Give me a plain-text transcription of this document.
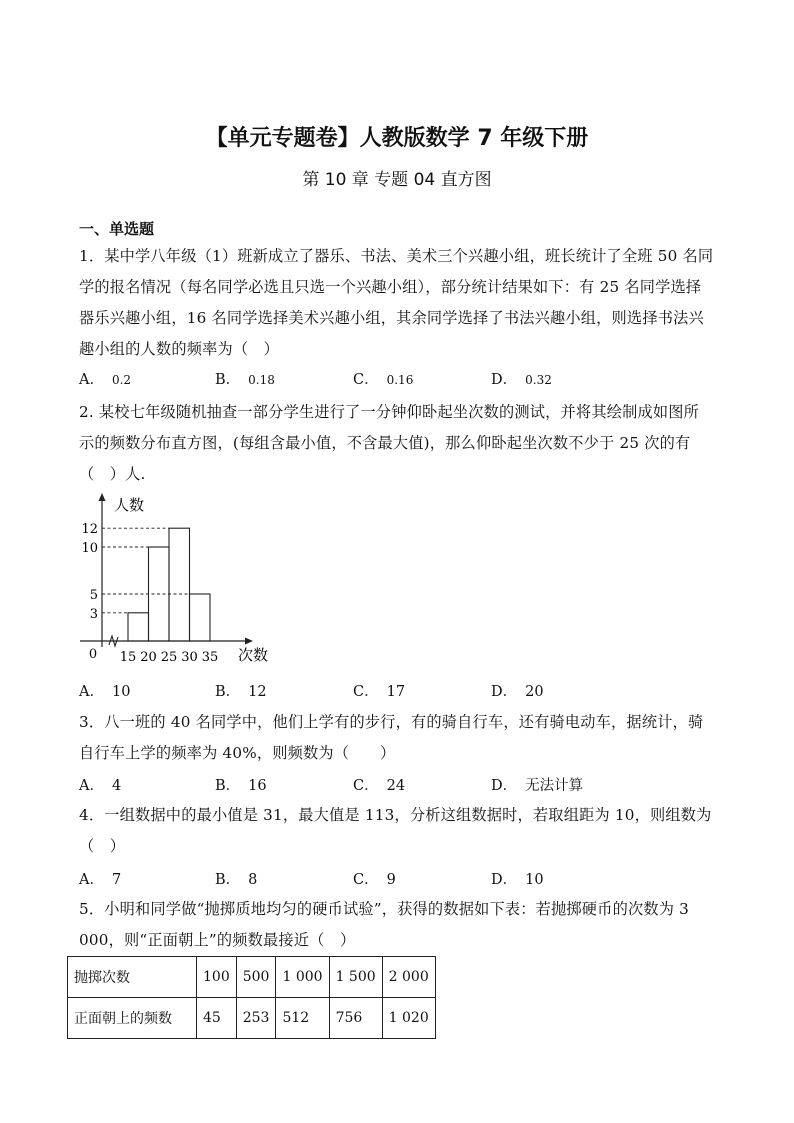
【单元专题卷】人教版数学 7 年级下册
第 10 章 专题 04 直方图
一、单选题
1．某中学八年级（1）班新成立了器乐、书法、美术三个兴趣小组，班长统计了全班 50 名同
学的报名情况（每名同学必选且只选一个兴趣小组），部分统计结果如下：有 25 名同学选择
器乐兴趣小组，16 名同学选择美术兴趣小组，其余同学选择了书法兴趣小组，则选择书法兴
趣小组的人数的频率为（　）
A． 0.2	B． 0.18	C． 0.16	D． 0.32
2. 某校七年级随机抽查一部分学生进行了一分钟仰卧起坐次数的测试，并将其绘制成如图所
示的频数分布直方图，(每组含最小值，不含最大值)，那么仰卧起坐次数不少于 25 次的有
（　）人.
3
5
10
12
15 20 25 30 35
人数
次数
0
A． 10	B． 12	C． 17	D． 20
3．八一班的 40 名同学中，他们上学有的步行，有的骑自行车，还有骑电动车，据统计，骑
自行车上学的频率为 40%，则频数为（　　）
A． 4	B． 16	C． 24	D． 无法计算
4．一组数据中的最小值是 31，最大值是 113，分析这组数据时，若取组距为 10，则组数为
（　）
A． 7	B． 8	C． 9	D． 10
5．小明和同学做“抛掷质地均匀的硬币试验”，获得的数据如下表：若抛掷硬币的次数为 3
000，则“正面朝上”的频数最接近（　）
抛掷次数	100	500	1 000	1 500	2 000
正面朝上的频数	45	253	512	756	1 020
